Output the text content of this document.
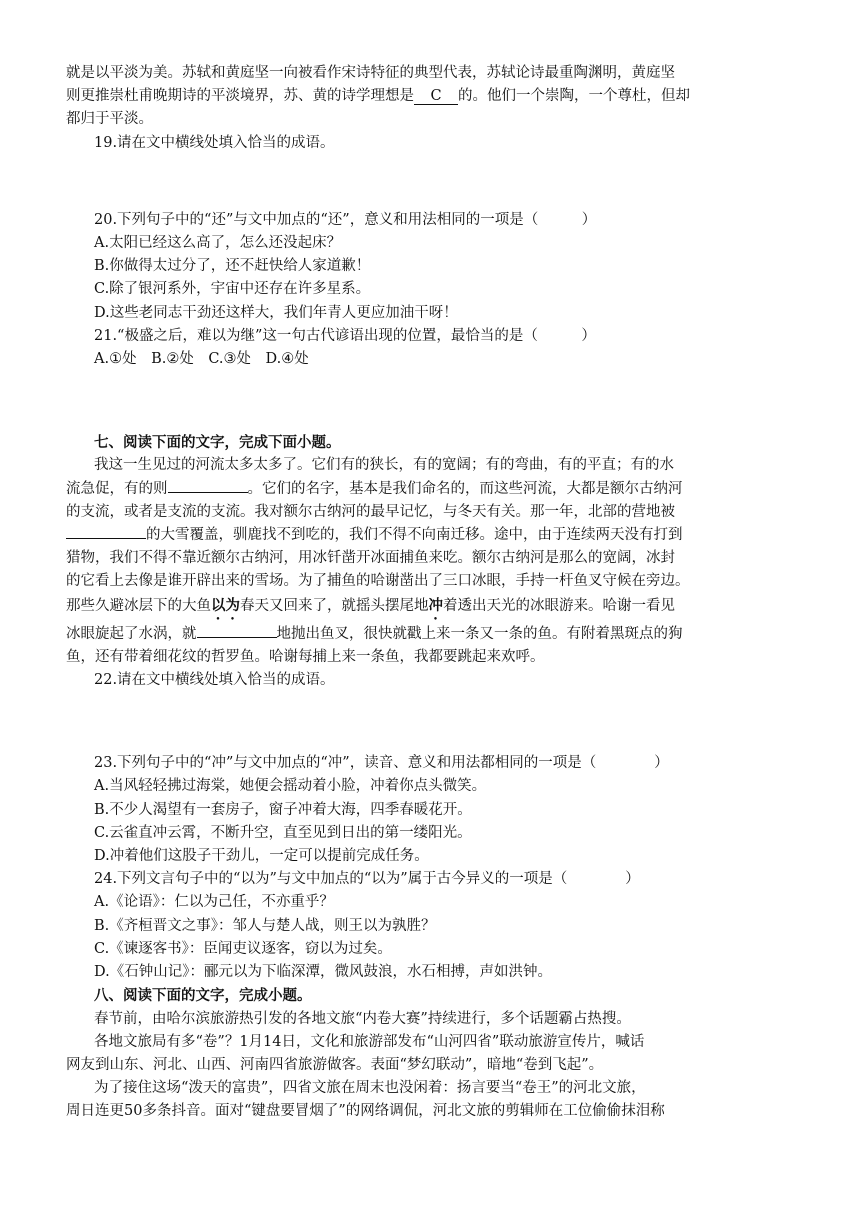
就是以平淡为美。苏轼和黄庭坚一向被看作宋诗特征的典型代表，苏轼论诗最重陶渊明，黄庭坚

则更推崇杜甫晚期诗的平淡境界，苏、黄的诗学理想是 C 的。他们一个崇陶，一个尊杜，但却

都归于平淡。

19.请在文中横线处填入恰当的成语。

20.下列句子中的“还”与文中加点的“还”，意义和用法相同的一项是（　　　）

A.太阳已经这么高了，怎么还没起床？

B.你做得太过分了，还不赶快给人家道歉！

C.除了银河系外，宇宙中还存在许多星系。

D.这些老同志干劲还这样大，我们年青人更应加油干呀！

21.“极盛之后，难以为继”这一句古代谚语出现的位置，最恰当的是（　　　）

A.①处　B.②处　C.③处　D.④处

七、阅读下面的文字，完成下面小题。

我这一生见过的河流太多太多了。它们有的狭长，有的宽阔；有的弯曲，有的平直；有的水

流急促，有的则	。它们的名字，基本是我们命名的，而这些河流，大都是额尔古纳河

的支流，或者是支流的支流。我对额尔古纳河的最早记忆，与冬天有关。那一年，北部的营地被

的大雪覆盖，驯鹿找不到吃的，我们不得不向南迁移。途中，由于连续两天没有打到

猎物，我们不得不靠近额尔古纳河，用冰钎凿开冰面捕鱼来吃。额尔古纳河是那么的宽阔，冰封

的它看上去像是谁开辟出来的雪场。为了捕鱼的哈谢凿出了三口冰眼，手持一杆鱼叉守候在旁边。

那些久避冰层下的大鱼以为春天又回来了，就摇头摆尾地冲着透出天光的冰眼游来。哈谢一看见

冰眼旋起了水涡，就	地抛出鱼叉，很快就戳上来一条又一条的鱼。有附着黑斑点的狗

鱼，还有带着细花纹的哲罗鱼。哈谢每捕上来一条鱼，我都要跳起来欢呼。

22.请在文中横线处填入恰当的成语。

23.下列句子中的“冲”与文中加点的“冲”，读音、意义和用法都相同的一项是（　　　　）

A.当风轻轻拂过海棠，她便会摇动着小脸，冲着你点头微笑。

B.不少人渴望有一套房子，窗子冲着大海，四季春暖花开。

C.云雀直冲云霄，不断升空，直至见到日出的第一缕阳光。

D.冲着他们这股子干劲儿，一定可以提前完成任务。

24.下列文言句子中的“以为”与文中加点的“以为”属于古今异义的一项是（　　　　）

A.《论语》：仁以为己任，不亦重乎？

B.《齐桓晋文之事》：邹人与楚人战，则王以为孰胜？

C.《谏逐客书》：臣闻吏议逐客，窃以为过矣。

D.《石钟山记》：郦元以为下临深潭，微风鼓浪，水石相搏，声如洪钟。

八、阅读下面的文字，完成小题。

春节前，由哈尔滨旅游热引发的各地文旅“内卷大赛”持续进行，多个话题霸占热搜。

各地文旅局有多“卷”？1月14日，文化和旅游部发布“山河四省”联动旅游宣传片，喊话

网友到山东、河北、山西、河南四省旅游做客。表面“梦幻联动”，暗地“卷到飞起”。

为了接住这场“泼天的富贵”，四省文旅在周末也没闲着：扬言要当“卷王”的河北文旅，

周日连更50多条抖音。面对“键盘要冒烟了”的网络调侃，河北文旅的剪辑师在工位偷偷抹泪称
